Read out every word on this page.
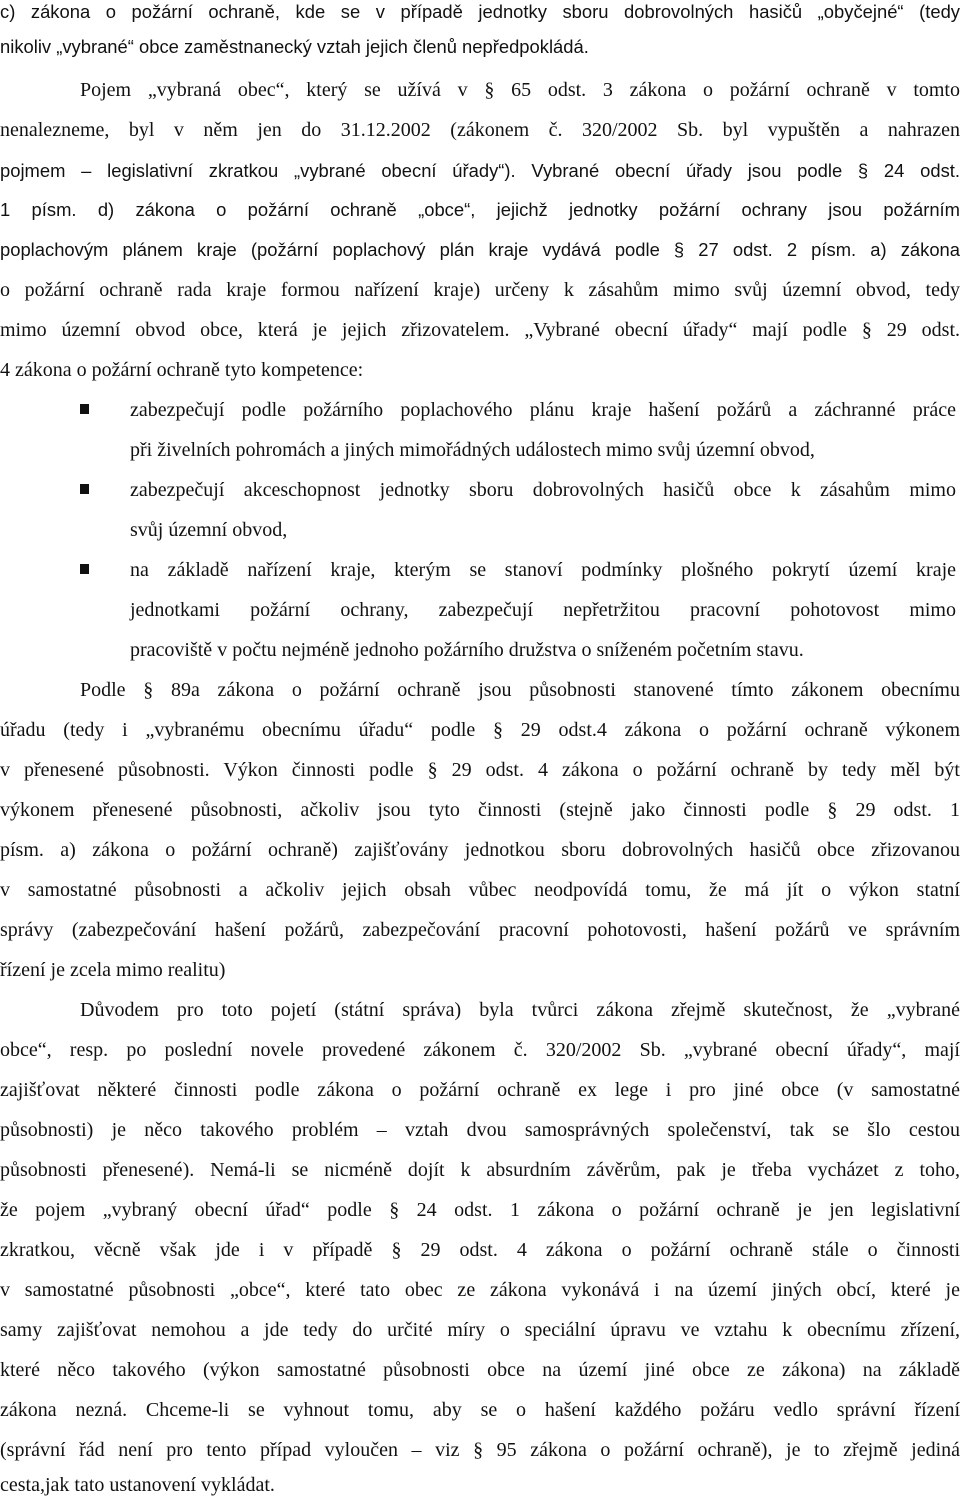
c) zákona o požární ochraně, kde se v případě jednotky sboru dobrovolných hasičů „obyčejné“ (tedy
nikoliv „vybrané“ obce zaměstnanecký vztah jejich členů nepředpokládá.
Pojem „vybraná obec“, který se užívá v § 65 odst. 3 zákona o požární ochraně v tomto
nenalezneme, byl v něm jen do 31.12.2002 (zákonem č. 320/2002 Sb. byl vypuštěn a nahrazen
pojmem – legislativní zkratkou „vybrané obecní úřady“). Vybrané obecní úřady jsou podle § 24 odst.
1 písm. d) zákona o požární ochraně „obce“, jejichž jednotky požární ochrany jsou požárním
poplachovým plánem kraje (požární poplachový plán kraje vydává podle § 27 odst. 2 písm. a) zákona
o požární ochraně rada kraje formou nařízení kraje) určeny k zásahům mimo svůj územní obvod, tedy
mimo územní obvod obce, která je jejich zřizovatelem. „Vybrané obecní úřady“ mají podle § 29 odst.
4 zákona o požární ochraně tyto kompetence:
zabezpečují podle požárního poplachového plánu kraje hašení požárů a záchranné práce
při živelních pohromách a jiných mimořádných událostech mimo svůj územní obvod,
zabezpečují akceschopnost jednotky sboru dobrovolných hasičů obce k zásahům mimo
svůj územní obvod,
na základě nařízení kraje, kterým se stanoví podmínky plošného pokrytí území kraje
jednotkami požární ochrany, zabezpečují nepřetržitou pracovní pohotovost mimo
pracoviště v počtu nejméně jednoho požárního družstva o sníženém početním stavu.
Podle § 89a zákona o požární ochraně jsou působnosti stanovené tímto zákonem obecnímu
úřadu (tedy i „vybranému obecnímu úřadu“ podle § 29 odst.4 zákona o požární ochraně výkonem
v přenesené působnosti. Výkon činnosti podle § 29 odst. 4 zákona o požární ochraně by tedy měl být
výkonem přenesené působnosti, ačkoliv jsou tyto činnosti (stejně jako činnosti podle § 29 odst. 1
písm. a) zákona o požární ochraně) zajišťovány jednotkou sboru dobrovolných hasičů obce zřizovanou
v samostatné působnosti a ačkoliv jejich obsah vůbec neodpovídá tomu, že má jít o výkon statní
správy (zabezpečování hašení požárů, zabezpečování pracovní pohotovosti, hašení požárů ve správním
řízení je zcela mimo realitu)
Důvodem pro toto pojetí (státní správa) byla tvůrci zákona zřejmě skutečnost, že „vybrané
obce“, resp. po poslední novele provedené zákonem č. 320/2002 Sb. „vybrané obecní úřady“, mají
zajišťovat některé činnosti podle zákona o požární ochraně ex lege i pro jiné obce (v samostatné
působnosti) je něco takového problém – vztah dvou samosprávných společenství, tak se šlo cestou
působnosti přenesené). Nemá-li se nicméně dojít k absurdním závěrům, pak je třeba vycházet z toho,
že pojem „vybraný obecní úřad“ podle § 24 odst. 1 zákona o požární ochraně je jen legislativní
zkratkou, věcně však jde i v případě § 29 odst. 4 zákona o požární ochraně stále o činnosti
v samostatné působnosti „obce“, které tato obec ze zákona vykonává i na území jiných obcí, které je
samy zajišťovat nemohou a jde tedy do určité míry o speciální úpravu ve vztahu k obecnímu zřízení,
které něco takového (výkon samostatné působnosti obce na území jiné obce ze zákona) na základě
zákona nezná. Chceme-li se vyhnout tomu, aby se o hašení každého požáru vedlo správní řízení
(správní řád není pro tento případ vyloučen – viz § 95 zákona o požární ochraně), je to zřejmě jediná
cesta,jak tato ustanovení vykládat.
